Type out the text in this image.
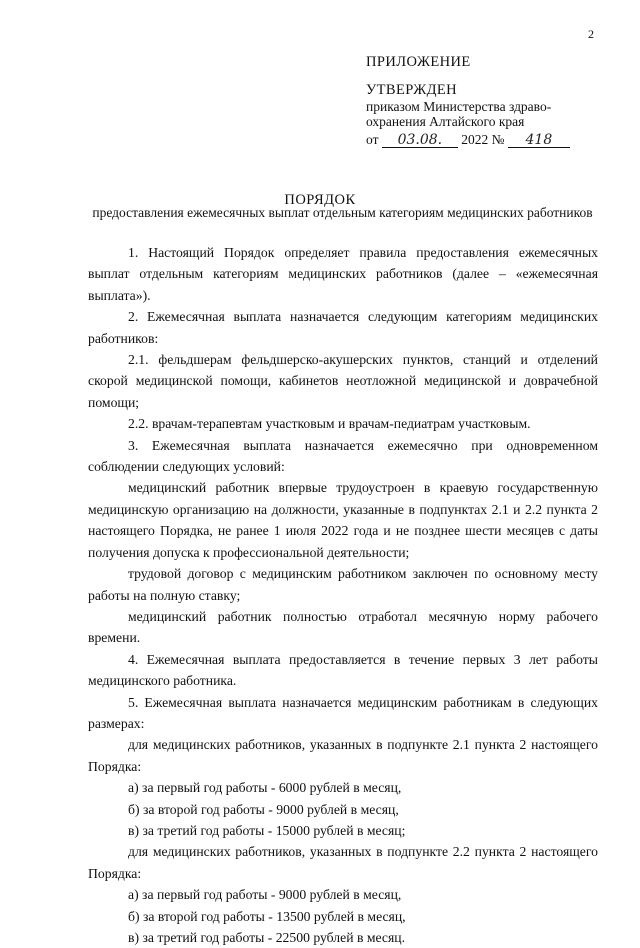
2
ПРИЛОЖЕНИЕ
УТВЕРЖДЕН
приказом Министерства здраво-
охранения Алтайского края
от 03.08. 2022 № 418
ПОРЯДОК
предоставления ежемесячных выплат отдельным категориям медицинских работников

1. Настоящий Порядок определяет правила предоставления ежемесячных выплат отдельным категориям медицинских работников (далее – «ежемесячная выплата»).

2. Ежемесячная выплата назначается следующим категориям медицинских работников:

2.1. фельдшерам фельдшерско-акушерских пунктов, станций и отделений скорой медицинской помощи, кабинетов неотложной медицинской и доврачебной помощи;

2.2. врачам-терапевтам участковым и врачам-педиатрам участковым.

3. Ежемесячная выплата назначается ежемесячно при одновременном соблюдении следующих условий:

медицинский работник впервые трудоустроен в краевую государственную медицинскую организацию на должности, указанные в подпунктах 2.1 и 2.2 пункта 2 настоящего Порядка, не ранее 1 июля 2022 года и не позднее шести месяцев с даты получения допуска к профессиональной деятельности;

трудовой договор с медицинским работником заключен по основному месту работы на полную ставку;

медицинский работник полностью отработал месячную норму рабочего времени.

4. Ежемесячная выплата предоставляется в течение первых 3 лет работы медицинского работника.

5. Ежемесячная выплата назначается медицинским работникам в следующих размерах:

для медицинских работников, указанных в подпункте 2.1 пункта 2 настоящего Порядка:

а) за первый год работы - 6000 рублей в месяц,

б) за второй год работы - 9000 рублей в месяц,

в) за третий год работы - 15000 рублей в месяц;

для медицинских работников, указанных в подпункте 2.2 пункта 2 настоящего Порядка:

а) за первый год работы - 9000 рублей в месяц,

б) за второй год работы - 13500 рублей в месяц,

в) за третий год работы - 22500 рублей в месяц.
